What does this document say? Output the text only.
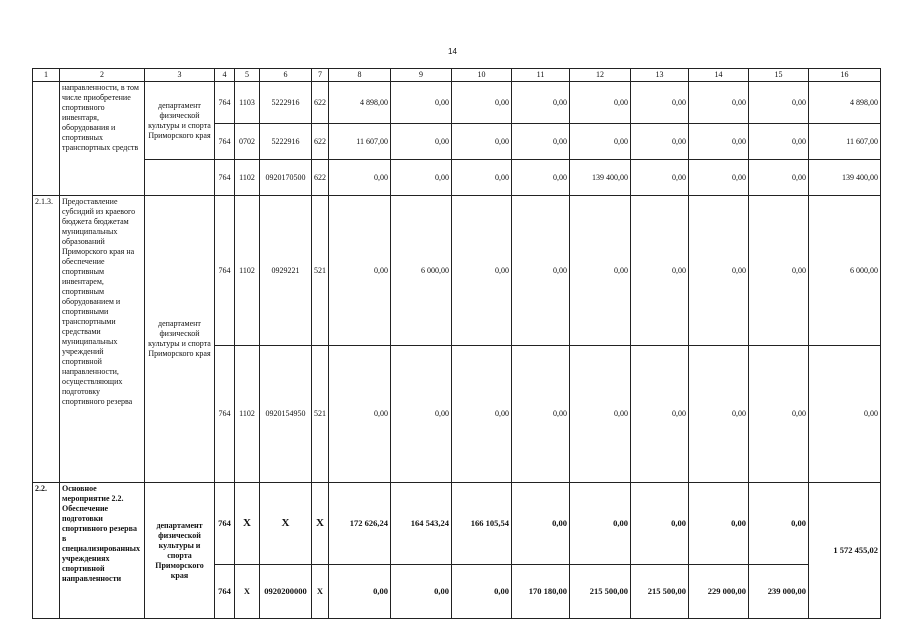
14
1	2	3	4	5	6	7	8	9	10	11	12	13	14	15	16
	направленности, в том числе приобретение спортивного инвентаря, оборудования и спортивных транспортных средств	департамент физической культуры и спорта Приморского края	764	1103	5222916	622	4 898,00	0,00	0,00	0,00	0,00	0,00	0,00	0,00	4 898,00
			764	0702	5222916	622	11 607,00	0,00	0,00	0,00	0,00	0,00	0,00	0,00	11 607,00
			764	1102	0920170500	622	0,00	0,00	0,00	0,00	139 400,00	0,00	0,00	0,00	139 400,00
2.1.3.	Предоставление субсидий из краевого бюджета бюджетам муниципальных образований Приморского края на обеспечение спортивным инвентарем, спортивным оборудованием и спортивными транспортными средствами муниципальных учреждений спортивной направленности, осуществляющих подготовку спортивного резерва	департамент физической культуры и спорта Приморского края	764	1102	0929221	521	0,00	6 000,00	0,00	0,00	0,00	0,00	0,00	0,00	6 000,00
			764	1102	0920154950	521	0,00	0,00	0,00	0,00	0,00	0,00	0,00	0,00	0,00
2.2.	Основное мероприятие 2.2. Обеспечение подготовки спортивного резерва в специализированных учреждениях спортивной направленности	департамент физической культуры и спорта Приморского края	764	X	X	X	172 626,24	164 543,24	166 105,54	0,00	0,00	0,00	0,00	0,00	1 572 455,02
			764	X	0920200000	X	0,00	0,00	0,00	170 180,00	215 500,00	215 500,00	229 000,00	239 000,00	
